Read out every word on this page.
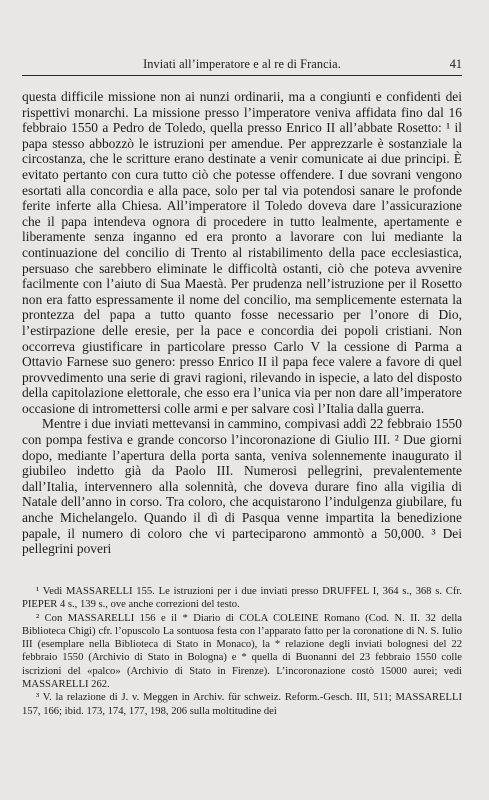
Inviati all’imperatore e al re di Francia.	41

questa difficile missione non ai nunzi ordinarii, ma a congiunti e confidenti dei rispettivi monarchi. La missione presso l’imperatore veniva affidata fino dal 16 febbraio 1550 a Pedro de Toledo, quella presso Enrico II all’abbate Rosetto: ¹ il papa stesso abbozzò le istruzioni per amendue. Per apprezzarle è sostanziale la circostanza, che le scritture erano destinate a venir comunicate ai due principi. È evitato pertanto con cura tutto ciò che potesse offendere. I due sovrani vengono esortati alla concordia e alla pace, solo per tal via potendosi sanare le profonde ferite inferte alla Chiesa. All’imperatore il Toledo doveva dare l’assicurazione che il papa intendeva ognora di procedere in tutto lealmente, apertamente e liberamente senza inganno ed era pronto a lavorare con lui mediante la continuazione del concilio di Trento al ristabilimento della pace ecclesiastica, persuaso che sarebbero eliminate le difficoltà ostanti, ciò che poteva avvenire facilmente con l’aiuto di Sua Maestà. Per prudenza nell’istruzione per il Rosetto non era fatto espressamente il nome del concilio, ma semplicemente esternata la prontezza del papa a tutto quanto fosse necessario per l’onore di Dio, l’estirpazione delle eresie, per la pace e concordia dei popoli cristiani. Non occorreva giustificare in particolare presso Carlo V la cessione di Parma a Ottavio Farnese suo genero: presso Enrico II il papa fece valere a favore di quel provvedimento una serie di gravi ragioni, rilevando in ispecie, a lato del disposto della capitolazione elettorale, che esso era l’unica via per non dare all’imperatore occasione di intromettersi colle armi e per salvare così l’Italia dalla guerra.

Mentre i due inviati mettevansi in cammino, compivasi addì 22 febbraio 1550 con pompa festiva e grande concorso l’incoronazione di Giulio III. ² Due giorni dopo, mediante l’apertura della porta santa, veniva solennemente inaugurato il giubileo indetto già da Paolo III. Numerosi pellegrini, prevalentemente dall’Italia, intervennero alla solennità, che doveva durare fino alla vigilia di Natale dell’anno in corso. Tra coloro, che acquistarono l’indulgenza giubilare, fu anche Michelangelo. Quando il dì di Pasqua venne impartita la benedizione papale, il numero di coloro che vi parteciparono ammontò a 50,000. ³ Dei pellegrini poveri

¹ Vedi MASSARELLI 155. Le istruzioni per i due inviati presso DRUFFEL I, 364 s., 368 s. Cfr. PIEPER 4 s., 139 s., ove anche correzioni del testo.

² Con MASSARELLI 156 e il * Diario di COLA COLEINE Romano (Cod. N. II. 32 della Biblioteca Chigi) cfr. l’opuscolo La sontuosa festa con l’apparato fatto per la coronatione di N. S. Iulio III (esemplare nella Biblioteca di Stato in Monaco), la * relazione degli inviati bolognesi del 22 febbraio 1550 (Archivio di Stato in Bologna) e * quella di Buonanni del 23 febbraio 1550 colle iscrizioni del «palco» (Archivio di Stato in Firenze). L’incoronazione costò 15000 aurei; vedi MASSARELLI 262.

³ V. la relazione di J. v. Meggen in Archiv. für schweiz. Reform.-Gesch. III, 511; MASSARELLI 157, 166; ibid. 173, 174, 177, 198, 206 sulla moltitudine dei
